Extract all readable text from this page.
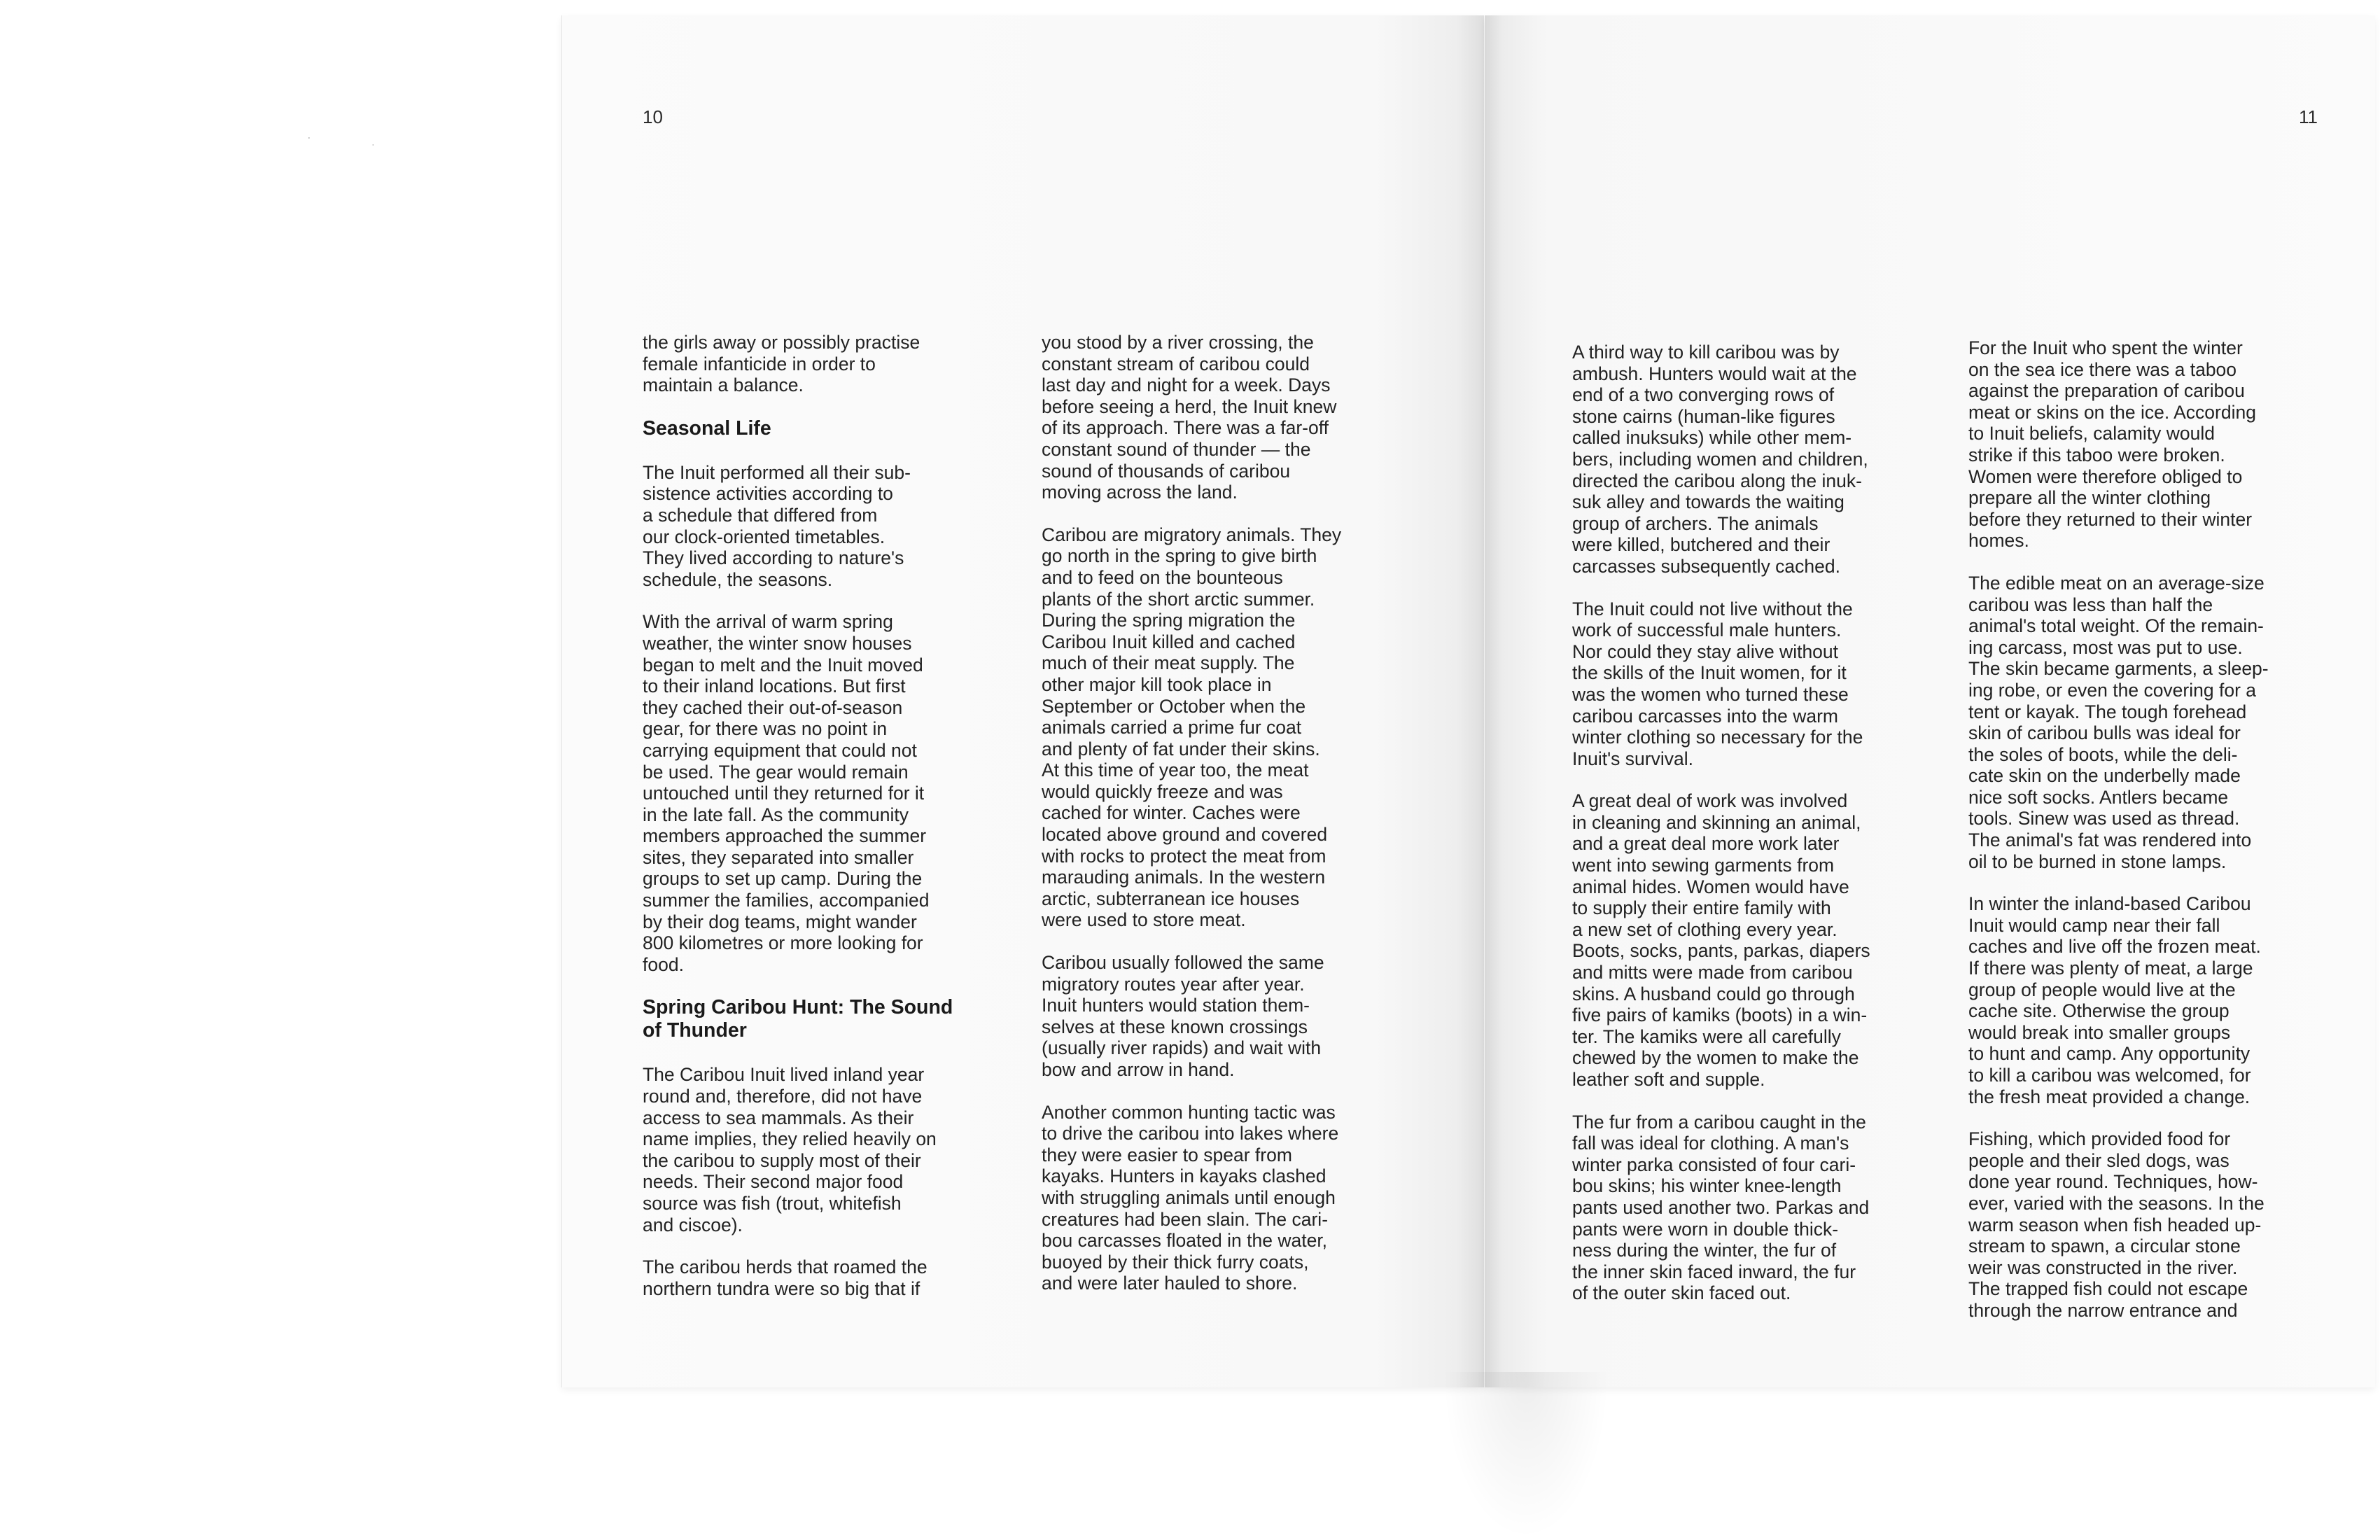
10	11

the girls away or possibly practise
female infanticide in order to
maintain a balance.

Seasonal Life

The Inuit performed all their sub-
sistence activities according to
a schedule that differed from
our clock-oriented timetables.
They lived according to nature's
schedule, the seasons.

With the arrival of warm spring
weather, the winter snow houses
began to melt and the Inuit moved
to their inland locations. But first
they cached their out-of-season
gear, for there was no point in
carrying equipment that could not
be used. The gear would remain
untouched until they returned for it
in the late fall. As the community
members approached the summer
sites, they separated into smaller
groups to set up camp. During the
summer the families, accompanied
by their dog teams, might wander
800 kilometres or more looking for
food.

Spring Caribou Hunt: The Sound
of Thunder

The Caribou Inuit lived inland year
round and, therefore, did not have
access to sea mammals. As their
name implies, they relied heavily on
the caribou to supply most of their
needs. Their second major food
source was fish (trout, whitefish
and ciscoe).

The caribou herds that roamed the
northern tundra were so big that if

you stood by a river crossing, the
constant stream of caribou could
last day and night for a week. Days
before seeing a herd, the Inuit knew
of its approach. There was a far-off
constant sound of thunder — the
sound of thousands of caribou
moving across the land.

Caribou are migratory animals. They
go north in the spring to give birth
and to feed on the bounteous
plants of the short arctic summer.
During the spring migration the
Caribou Inuit killed and cached
much of their meat supply. The
other major kill took place in
September or October when the
animals carried a prime fur coat
and plenty of fat under their skins.
At this time of year too, the meat
would quickly freeze and was
cached for winter. Caches were
located above ground and covered
with rocks to protect the meat from
marauding animals. In the western
arctic, subterranean ice houses
were used to store meat.

Caribou usually followed the same
migratory routes year after year.
Inuit hunters would station them-
selves at these known crossings
(usually river rapids) and wait with
bow and arrow in hand.

Another common hunting tactic was
to drive the caribou into lakes where
they were easier to spear from
kayaks. Hunters in kayaks clashed
with struggling animals until enough
creatures had been slain. The cari-
bou carcasses floated in the water,
buoyed by their thick furry coats,
and were later hauled to shore.

A third way to kill caribou was by
ambush. Hunters would wait at the
end of a two converging rows of
stone cairns (human-like figures
called inuksuks) while other mem-
bers, including women and children,
directed the caribou along the inuk-
suk alley and towards the waiting
group of archers. The animals
were killed, butchered and their
carcasses subsequently cached.

The Inuit could not live without the
work of successful male hunters.
Nor could they stay alive without
the skills of the Inuit women, for it
was the women who turned these
caribou carcasses into the warm
winter clothing so necessary for the
Inuit's survival.

A great deal of work was involved
in cleaning and skinning an animal,
and a great deal more work later
went into sewing garments from
animal hides. Women would have
to supply their entire family with
a new set of clothing every year.
Boots, socks, pants, parkas, diapers
and mitts were made from caribou
skins. A husband could go through
five pairs of kamiks (boots) in a win-
ter. The kamiks were all carefully
chewed by the women to make the
leather soft and supple.

The fur from a caribou caught in the
fall was ideal for clothing. A man's
winter parka consisted of four cari-
bou skins; his winter knee-length
pants used another two. Parkas and
pants were worn in double thick-
ness during the winter, the fur of
the inner skin faced inward, the fur
of the outer skin faced out.

For the Inuit who spent the winter
on the sea ice there was a taboo
against the preparation of caribou
meat or skins on the ice. According
to Inuit beliefs, calamity would
strike if this taboo were broken.
Women were therefore obliged to
prepare all the winter clothing
before they returned to their winter
homes.

The edible meat on an average-size
caribou was less than half the
animal's total weight. Of the remain-
ing carcass, most was put to use.
The skin became garments, a sleep-
ing robe, or even the covering for a
tent or kayak. The tough forehead
skin of caribou bulls was ideal for
the soles of boots, while the deli-
cate skin on the underbelly made
nice soft socks. Antlers became
tools. Sinew was used as thread.
The animal's fat was rendered into
oil to be burned in stone lamps.

In winter the inland-based Caribou
Inuit would camp near their fall
caches and live off the frozen meat.
If there was plenty of meat, a large
group of people would live at the
cache site. Otherwise the group
would break into smaller groups
to hunt and camp. Any opportunity
to kill a caribou was welcomed, for
the fresh meat provided a change.

Fishing, which provided food for
people and their sled dogs, was
done year round. Techniques, how-
ever, varied with the seasons. In the
warm season when fish headed up-
stream to spawn, a circular stone
weir was constructed in the river.
The trapped fish could not escape
through the narrow entrance and
